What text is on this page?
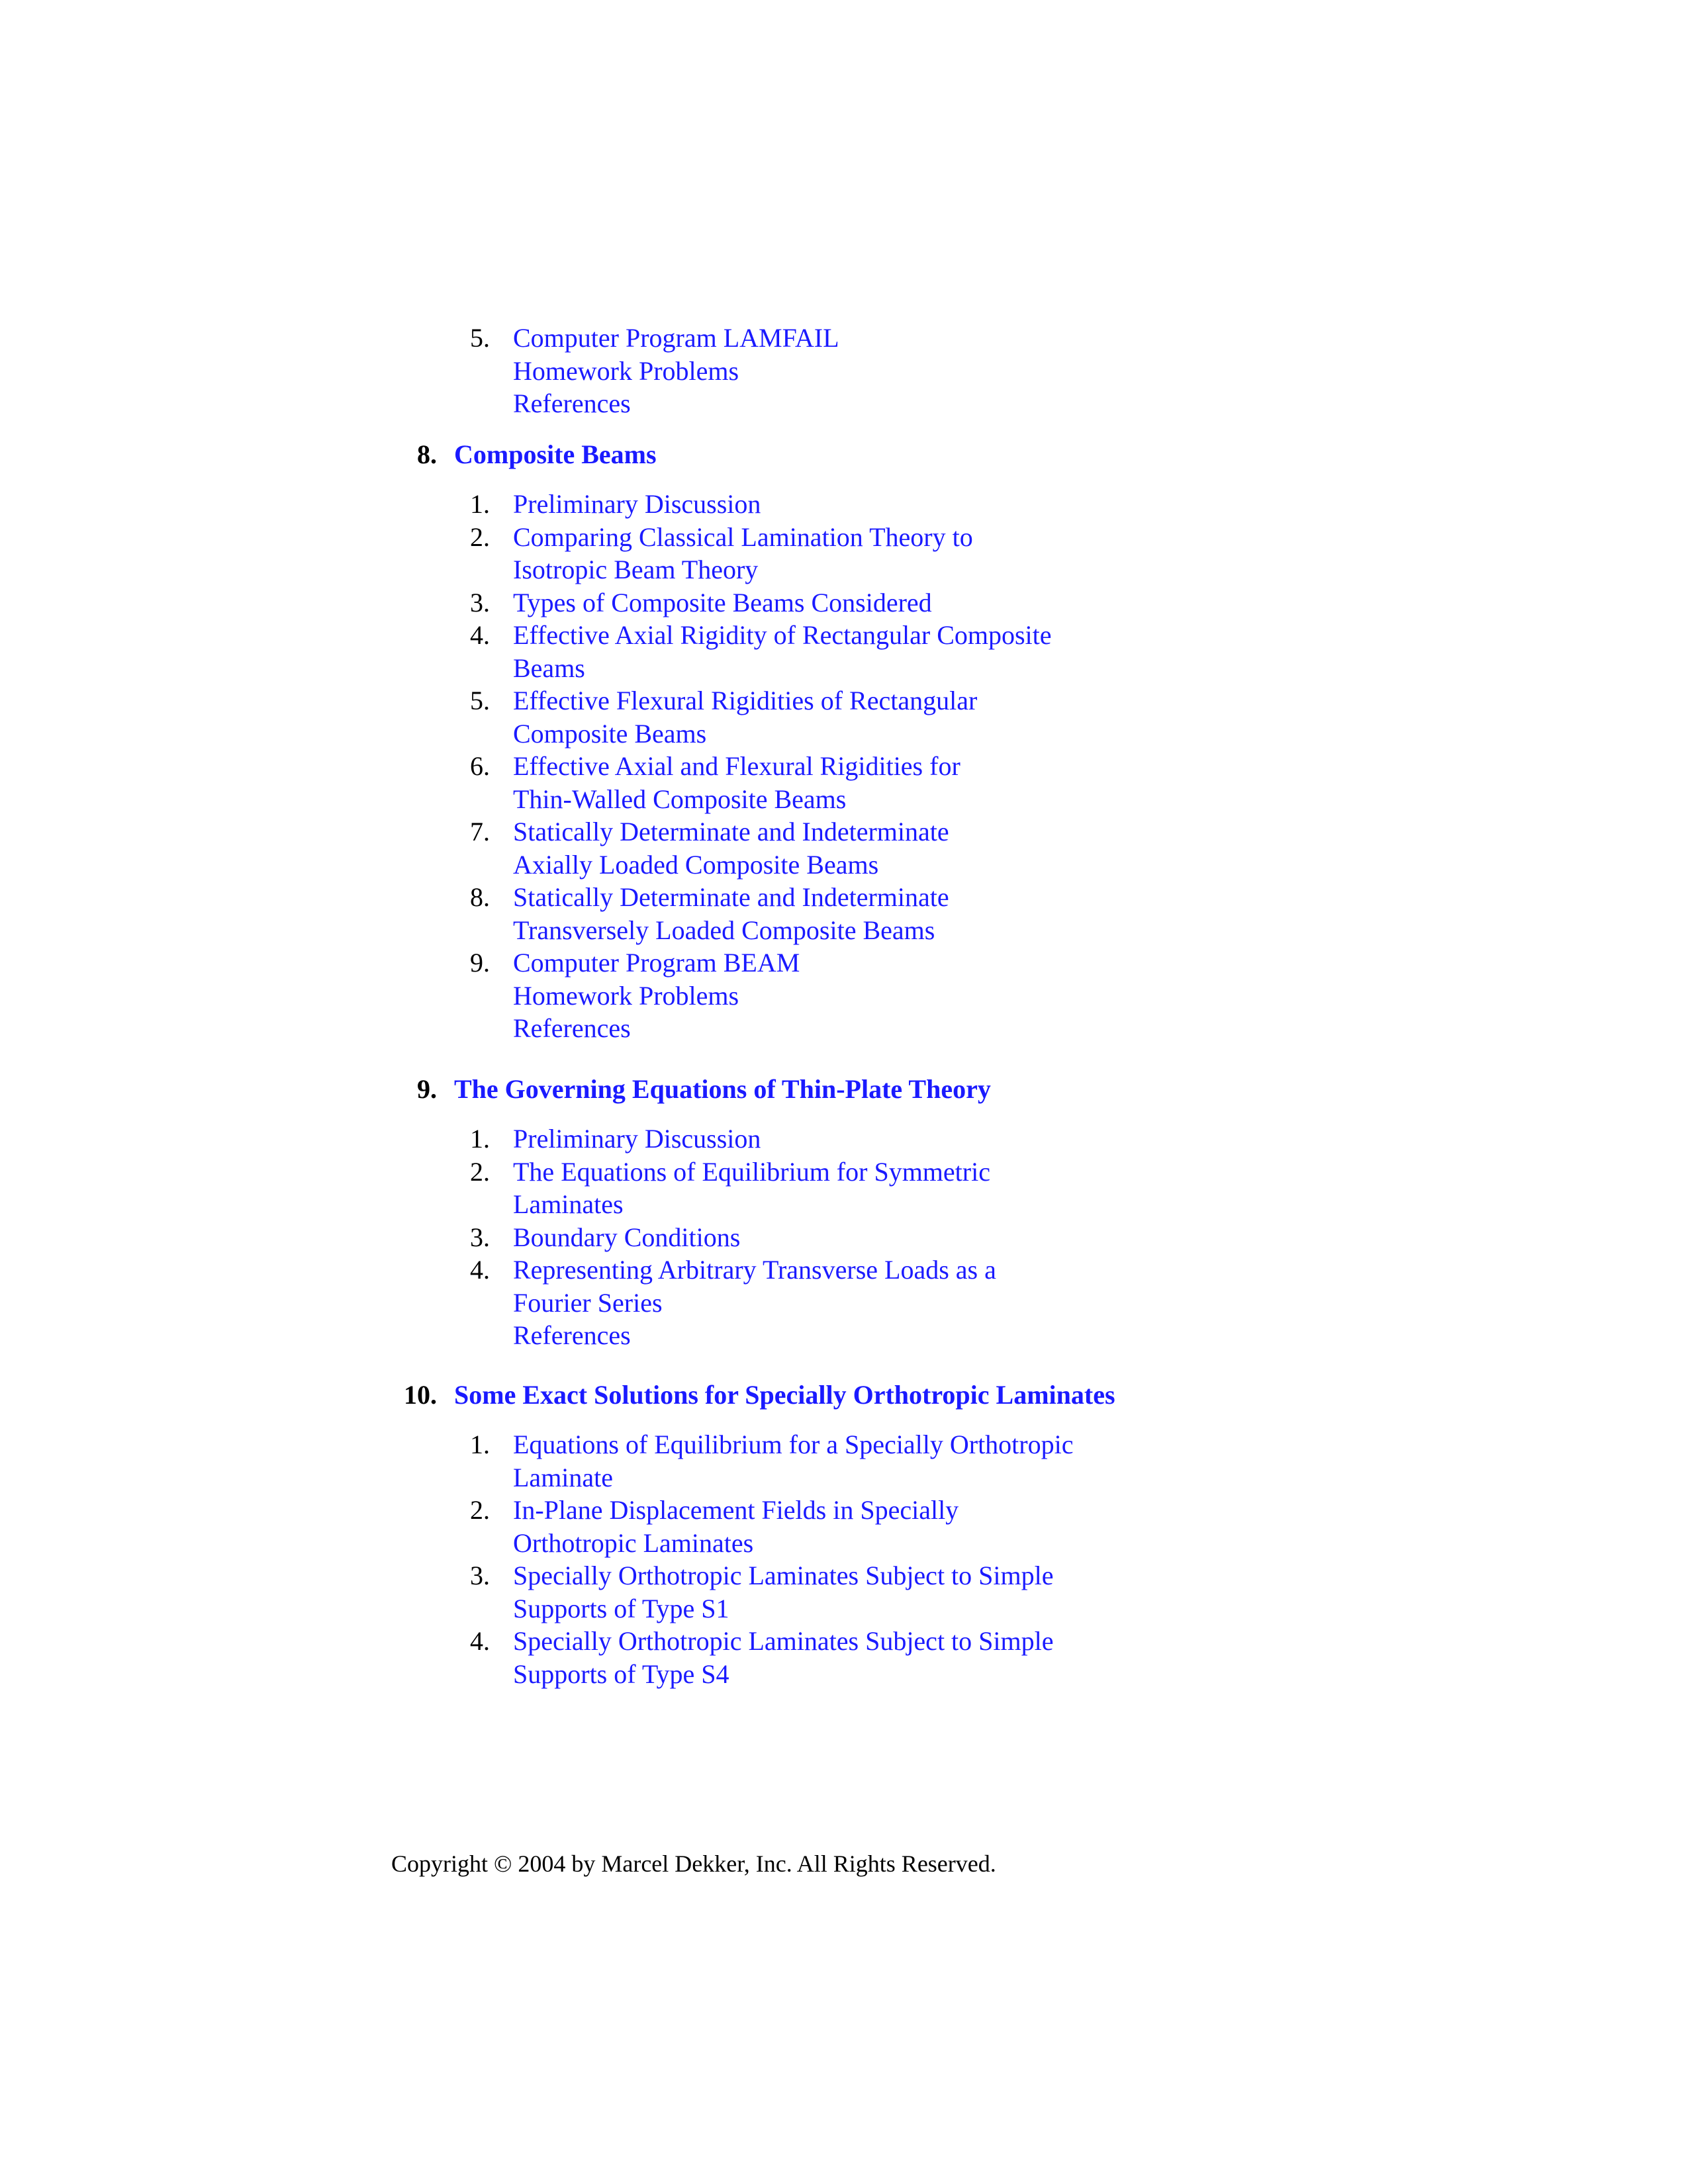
5. Computer Program LAMFAIL
Homework Problems
References
8. Composite Beams
1. Preliminary Discussion
2. Comparing Classical Lamination Theory to
Isotropic Beam Theory
3. Types of Composite Beams Considered
4. Effective Axial Rigidity of Rectangular Composite
Beams
5. Effective Flexural Rigidities of Rectangular
Composite Beams
6. Effective Axial and Flexural Rigidities for
Thin-Walled Composite Beams
7. Statically Determinate and Indeterminate
Axially Loaded Composite Beams
8. Statically Determinate and Indeterminate
Transversely Loaded Composite Beams
9. Computer Program BEAM
Homework Problems
References
9. The Governing Equations of Thin-Plate Theory
1. Preliminary Discussion
2. The Equations of Equilibrium for Symmetric
Laminates
3. Boundary Conditions
4. Representing Arbitrary Transverse Loads as a
Fourier Series
References
10. Some Exact Solutions for Specially Orthotropic Laminates
1. Equations of Equilibrium for a Specially Orthotropic
Laminate
2. In-Plane Displacement Fields in Specially
Orthotropic Laminates
3. Specially Orthotropic Laminates Subject to Simple
Supports of Type S1
4. Specially Orthotropic Laminates Subject to Simple
Supports of Type S4
Copyright © 2004 by Marcel Dekker, Inc. All Rights Reserved.
